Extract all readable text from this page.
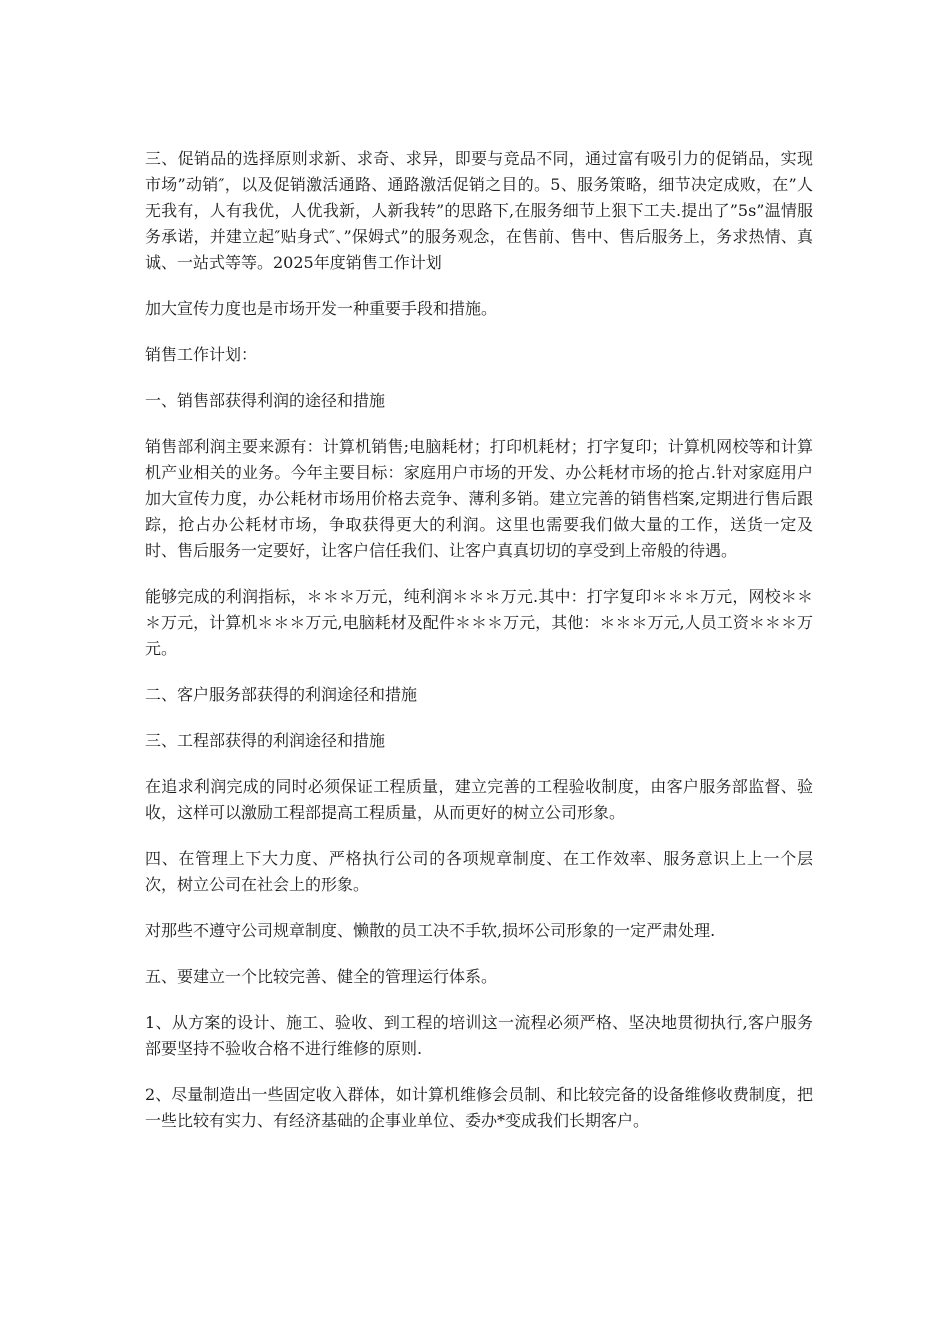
三、促销品的选择原则求新、求奇、求异，即要与竞品不同，通过富有吸引力的促销品，实现市场”动销″，以及促销激活通路、通路激活促销之目的。5、服务策略，细节决定成败，在”人无我有，人有我优，人优我新，人新我转”的思路下,在服务细节上狠下工夫.提出了”5s”温情服务承诺，并建立起″贴身式″、”保姆式”的服务观念，在售前、售中、售后服务上，务求热情、真诚、一站式等等。2025年度销售工作计划

加大宣传力度也是市场开发一种重要手段和措施。

销售工作计划：

一、销售部获得利润的途径和措施

销售部利润主要来源有：计算机销售;电脑耗材；打印机耗材；打字复印；计算机网校等和计算机产业相关的业务。今年主要目标：家庭用户市场的开发、办公耗材市场的抢占.针对家庭用户加大宣传力度，办公耗材市场用价格去竞争、薄利多销。建立完善的销售档案,定期进行售后跟踪，抢占办公耗材市场，争取获得更大的利润。这里也需要我们做大量的工作，送货一定及时、售后服务一定要好，让客户信任我们、让客户真真切切的享受到上帝般的待遇。

能够完成的利润指标，＊＊＊万元，纯利润＊＊＊万元.其中：打字复印＊＊＊万元，网校＊＊＊万元，计算机＊＊＊万元,电脑耗材及配件＊＊＊万元，其他：＊＊＊万元,人员工资＊＊＊万元。

二、客户服务部获得的利润途径和措施

三、工程部获得的利润途径和措施

在追求利润完成的同时必须保证工程质量，建立完善的工程验收制度，由客户服务部监督、验收，这样可以激励工程部提高工程质量，从而更好的树立公司形象。

四、在管理上下大力度、严格执行公司的各项规章制度、在工作效率、服务意识上上一个层次，树立公司在社会上的形象。

对那些不遵守公司规章制度、懒散的员工决不手软,损坏公司形象的一定严肃处理.

五、要建立一个比较完善、健全的管理运行体系。

1、从方案的设计、施工、验收、到工程的培训这一流程必须严格、坚决地贯彻执行,客户服务部要坚持不验收合格不进行维修的原则.

2、尽量制造出一些固定收入群体，如计算机维修会员制、和比较完备的设备维修收费制度，把一些比较有实力、有经济基础的企事业单位、委办*变成我们长期客户。
